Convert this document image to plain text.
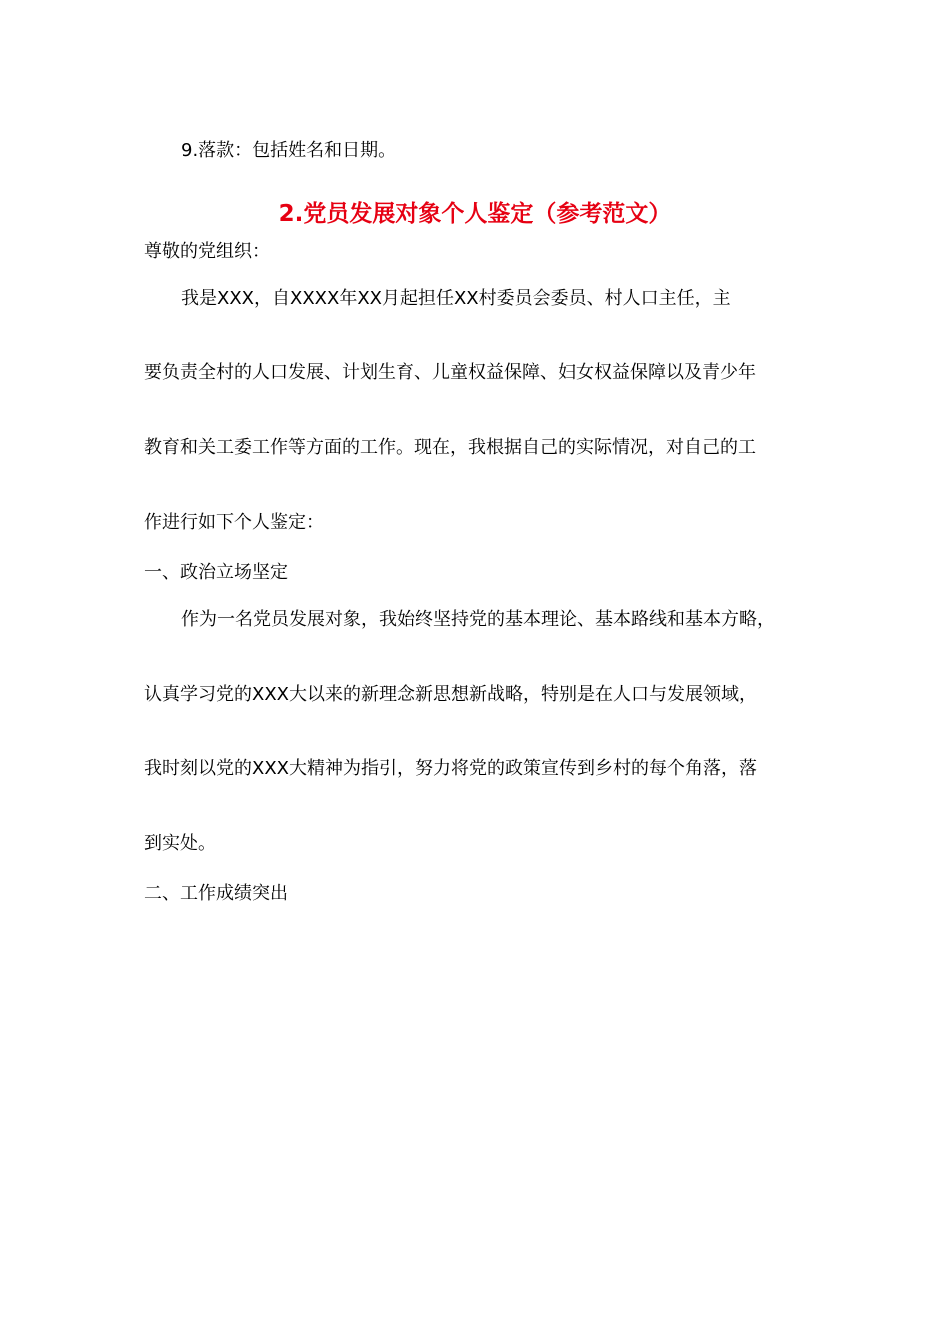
9.落款：包括姓名和日期。
2.党员发展对象个人鉴定（参考范文）
尊敬的党组织：
我是XXX，自XXXX年XX月起担任XX村委员会委员、村人口主任，主
要负责全村的人口发展、计划生育、儿童权益保障、妇女权益保障以及青少年
教育和关工委工作等方面的工作。现在，我根据自己的实际情况，对自己的工
作进行如下个人鉴定：
一、政治立场坚定
作为一名党员发展对象，我始终坚持党的基本理论、基本路线和基本方略，
认真学习党的XXX大以来的新理念新思想新战略，特别是在人口与发展领域，
我时刻以党的XXX大精神为指引，努力将党的政策宣传到乡村的每个角落，落
到实处。
二、工作成绩突出
